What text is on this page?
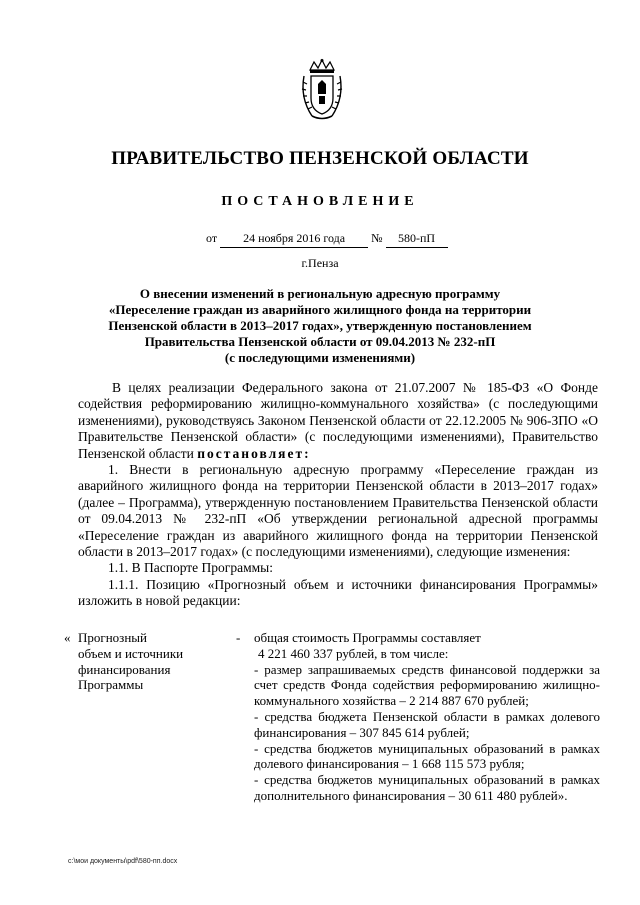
ПРАВИТЕЛЬСТВО ПЕНЗЕНСКОЙ ОБЛАСТИ
ПОСТАНОВЛЕНИЕ
от 24 ноября 2016 года № 580-пП
г.Пенза
О внесении изменений в региональную адресную программу
«Переселение граждан из аварийного жилищного фонда на территории
Пензенской области в 2013–2017 годах», утвержденную постановлением
Правительства Пензенской области от 09.04.2013 № 232-пП
(с последующими изменениями)

В целях реализации Федерального закона от 21.07.2007 № 185-ФЗ «О Фонде содействия реформированию жилищно-коммунального хозяйства» (с последующими изменениями), руководствуясь Законом Пензенской области от 22.12.2005 № 906-ЗПО «О Правительстве Пензенской области» (с последующими изменениями), Правительство Пензенской области постановляет:

1. Внести в региональную адресную программу «Переселение граждан из аварийного жилищного фонда на территории Пензенской области в 2013–2017 годах» (далее – Программа), утвержденную постановлением Правительства Пензенской области от 09.04.2013 № 232-пП «Об утверждении региональной адресной программы «Переселение граждан из аварийного жилищного фонда на территории Пензенской области в 2013–2017 годах» (с последующими изменениями), следующие изменения:

1.1. В Паспорте Программы:

1.1.1. Позицию «Прогнозный объем и источники финансирования Программы» изложить в новой редакции:

« Прогнозный
объем и источники
финансирования
Программы
- общая стоимость Программы составляет
4 221 460 337 рублей, в том числе:
- размер запрашиваемых средств финансовой поддержки за счет средств Фонда содействия реформированию жилищно-коммунального хозяйства – 2 214 887 670 рублей;
- средства бюджета Пензенской области в рамках долевого финансирования – 307 845 614 рублей;
- средства бюджетов муниципальных образований в рамках долевого финансирования – 1 668 115 573 рубля;
- средства бюджетов муниципальных образований в рамках дополнительного финансирования – 30 611 480 рублей».
c:\мои документы\pdf\580-пп.docx
